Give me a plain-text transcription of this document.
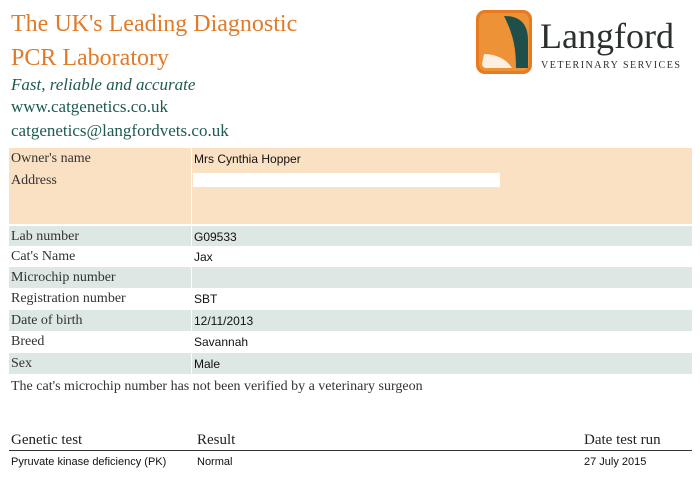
The UK's Leading Diagnostic
PCR Laboratory
Fast, reliable and accurate
www.catgenetics.co.uk
catgenetics@langfordvets.co.uk
Langford
VETERINARY SERVICES
Owner's name	Mrs Cynthia Hopper
Address
Lab number	G09533
Cat's Name	Jax
Microchip number
Registration number	SBT
Date of birth	12/11/2013
Breed	Savannah
Sex	Male
The cat's microchip number has not been verified by a veterinary surgeon
Genetic test	Result	Date test run
Pyruvate kinase deficiency (PK)	Normal	27 July 2015
